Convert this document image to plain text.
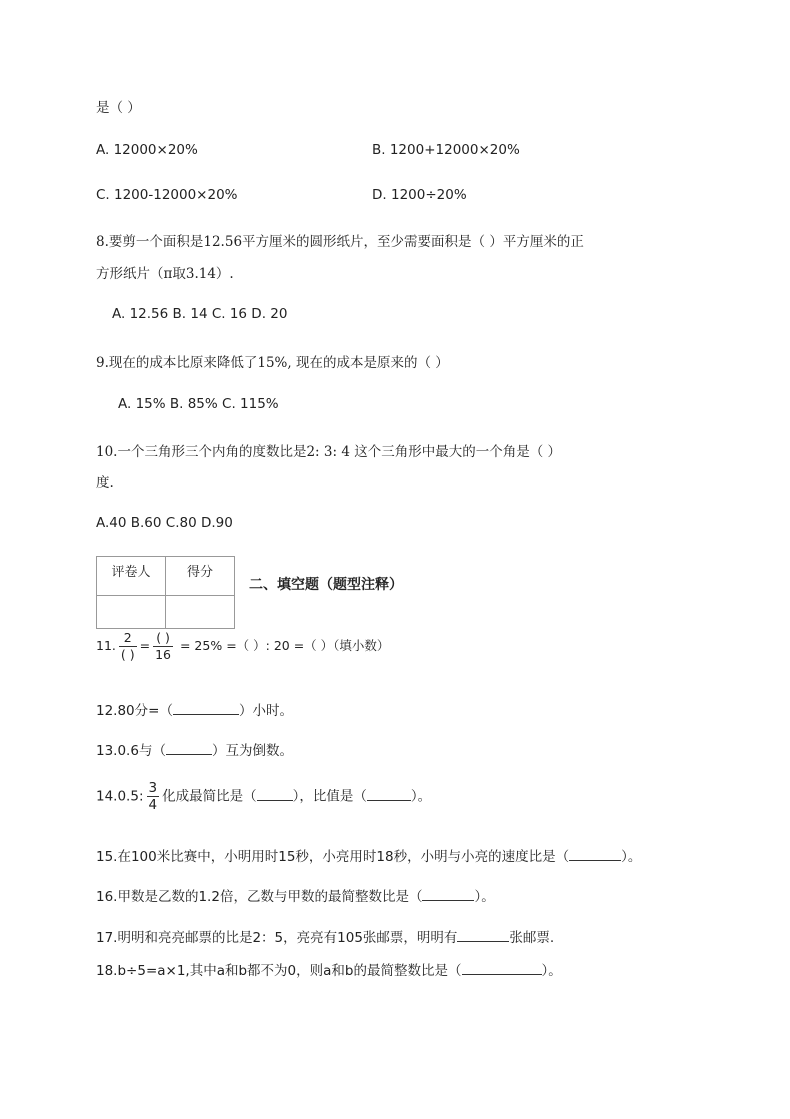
是（ ）
A. 12000×20%	B. 1200+12000×20%
C. 1200-12000×20%	D. 1200÷20%
8.要剪一个面积是12.56平方厘米的圆形纸片，至少需要面积是（ ）平方厘米的正
方形纸片（π取3.14）.
A. 12.56 B. 14 C. 16 D. 20
9.现在的成本比原来降低了15%, 现在的成本是原来的（ ）
A. 15% B. 85% C. 115%
10.一个三角形三个内角的度数比是2: 3: 4 这个三角形中最大的一个角是（ ）
度.
A.40 B.60 C.80 D.90
评卷人	得分

二、填空题（题型注释）
11. $\frac{2}{( )} = \frac{( )}{16} = 25\%$ =（ ）: 20 =（ ）（填小数）
12.80分=（	）小时。
13.0.6与（	）互为倒数。
14.0.5: $\frac{3}{4}$ 化成最简比是（	），比值是（	）。
15.在100米比赛中，小明用时15秒，小亮用时18秒，小明与小亮的速度比是（	）。
16.甲数是乙数的1.2倍，乙数与甲数的最简整数比是（	）。
17.明明和亮亮邮票的比是2：5，亮亮有105张邮票，明明有	张邮票.
18.b÷5=a×1,其中a和b都不为0，则a和b的最简整数比是（	）。
